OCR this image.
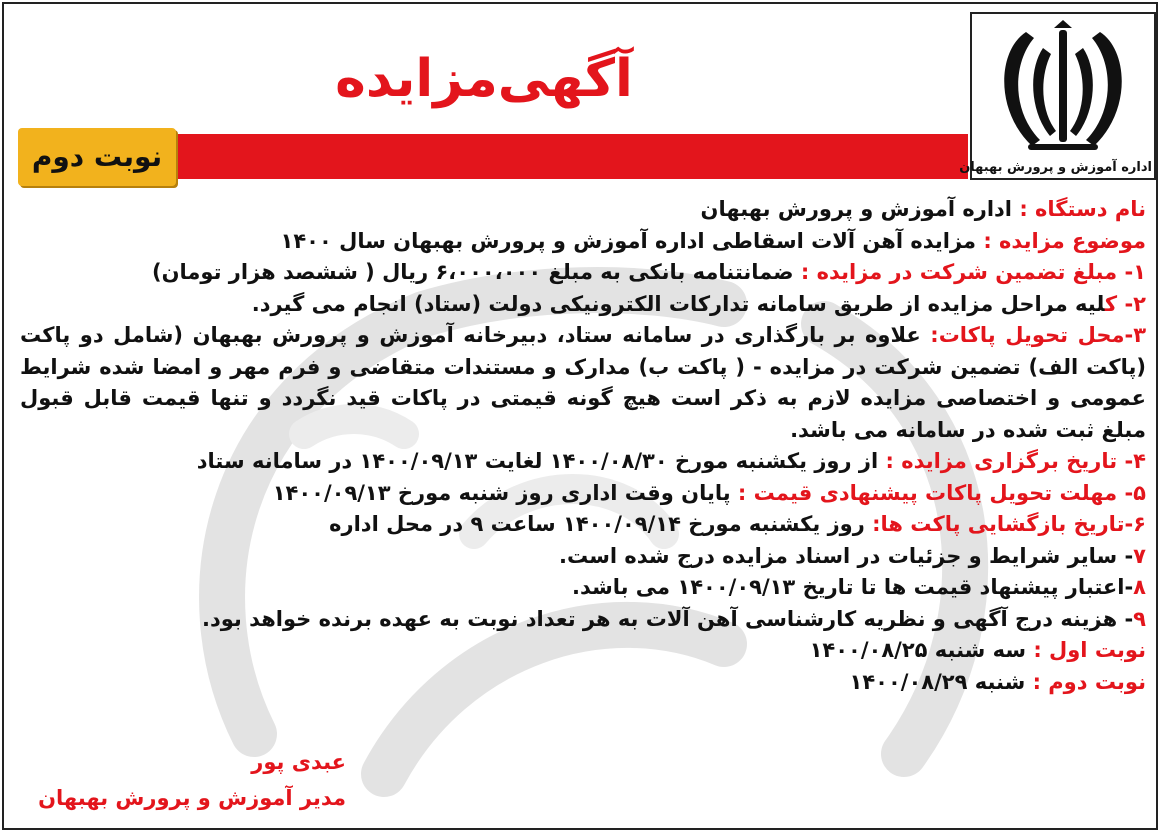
آگهی‌مزایده
نوبت دوم	اداره آموزش و پرورش بهبهان
نام دستگاه : اداره آموزش و پرورش بهبهان
موضوع مزایده : مزایده آهن آلات اسقاطی اداره آموزش و پرورش بهبهان سال ۱۴۰۰
۱- مبلغ تضمین شرکت در مزایده : ضمانتنامه بانکی به مبلغ ۶،۰۰۰،۰۰۰ ریال ( ششصد هزار تومان)
۲- کلیه مراحل مزایده از طریق سامانه تدارکات الکترونیکی دولت (ستاد) انجام می گیرد.
۳-محل تحویل پاکات: علاوه بر بارگذاری در سامانه ستاد، دبیرخانه آموزش و پرورش بهبهان (شامل دو پاکت (پاکت الف) تضمین شرکت در مزایده - ( پاکت ب) مدارک و مستندات متقاضی و فرم مهر و امضا شده شرایط عمومی و اختصاصی مزایده لازم به ذکر است هیچ گونه قیمتی در پاکات قید نگردد و تنها قیمت قابل قبول مبلغ ثبت شده در سامانه می باشد.
۴- تاریخ برگزاری مزایده : از روز یکشنبه مورخ ۱۴۰۰/۰۸/۳۰ لغایت ۱۴۰۰/۰۹/۱۳ در سامانه ستاد
۵- مهلت تحویل پاکات پیشنهادی قیمت : پایان وقت اداری روز شنبه مورخ ۱۴۰۰/۰۹/۱۳
۶-تاریخ بازگشایی پاکت ها: روز یکشنبه مورخ ۱۴۰۰/۰۹/۱۴ ساعت ۹ در محل اداره
۷- سایر شرایط و جزئیات در اسناد مزایده درج شده است.
۸-اعتبار پیشنهاد قیمت ها تا تاریخ ۱۴۰۰/۰۹/۱۳ می باشد.
۹- هزینه درج آگهی و نظریه کارشناسی آهن آلات به هر تعداد نوبت به عهده برنده خواهد بود.
نوبت اول : سه شنبه ۱۴۰۰/۰۸/۲۵
نوبت دوم : شنبه ۱۴۰۰/۰۸/۲۹
عبدی پور
مدیر آموزش و پرورش بهبهان
